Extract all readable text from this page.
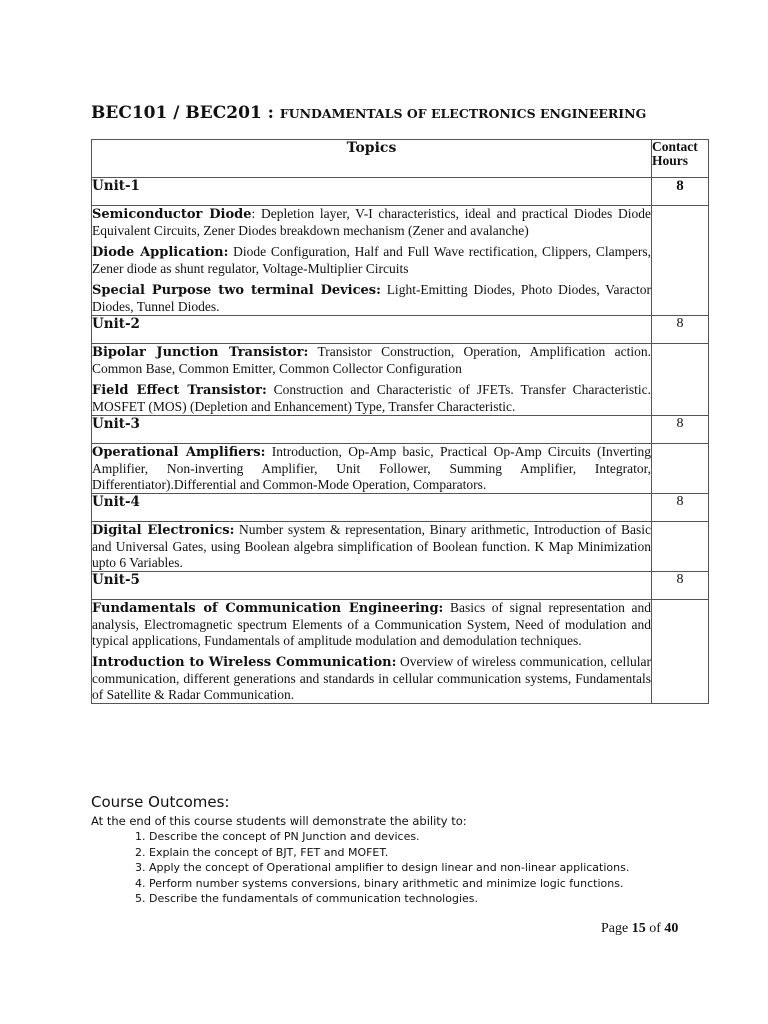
BEC101 / BEC201 : FUNDAMENTALS OF ELECTRONICS ENGINEERING
Topics	Contact Hours
Unit-1	8

Semiconductor Diode: Depletion layer, V-I characteristics, ideal and practical Diodes Diode Equivalent Circuits, Zener Diodes breakdown mechanism (Zener and avalanche)
Diode Application: Diode Configuration, Half and Full Wave rectification, Clippers, Clampers, Zener diode as shunt regulator, Voltage-Multiplier Circuits
Special Purpose two terminal Devices: Light-Emitting Diodes, Photo Diodes, Varactor Diodes, Tunnel Diodes.	

Unit-2	8

Bipolar Junction Transistor: Transistor Construction, Operation, Amplification action. Common Base, Common Emitter, Common Collector Configuration
Field Effect Transistor: Construction and Characteristic of JFETs. Transfer Characteristic. MOSFET (MOS) (Depletion and Enhancement) Type, Transfer Characteristic.	

Unit-3	8

Operational Amplifiers: Introduction, Op-Amp basic, Practical Op-Amp Circuits (Inverting Amplifier, Non-inverting Amplifier, Unit Follower, Summing Amplifier, Integrator, Differentiator).Differential and Common-Mode Operation, Comparators.	

Unit-4	8

Digital Electronics: Number system & representation, Binary arithmetic, Introduction of Basic and Universal Gates, using Boolean algebra simplification of Boolean function. K Map Minimization upto 6 Variables.	

Unit-5	8

Fundamentals of Communication Engineering: Basics of signal representation and analysis, Electromagnetic spectrum Elements of a Communication System, Need of modulation and typical applications, Fundamentals of amplitude modulation and demodulation techniques.
Introduction to Wireless Communication: Overview of wireless communication, cellular communication, different generations and standards in cellular communication systems, Fundamentals of Satellite & Radar Communication.	

Course Outcomes:

At the end of this course students will demonstrate the ability to:

1. Describe the concept of PN Junction and devices.
2. Explain the concept of BJT, FET and MOFET.
3. Apply the concept of Operational amplifier to design linear and non-linear applications.
4. Perform number systems conversions, binary arithmetic and minimize logic functions.
5. Describe the fundamentals of communication technologies.
Page 15 of 40
